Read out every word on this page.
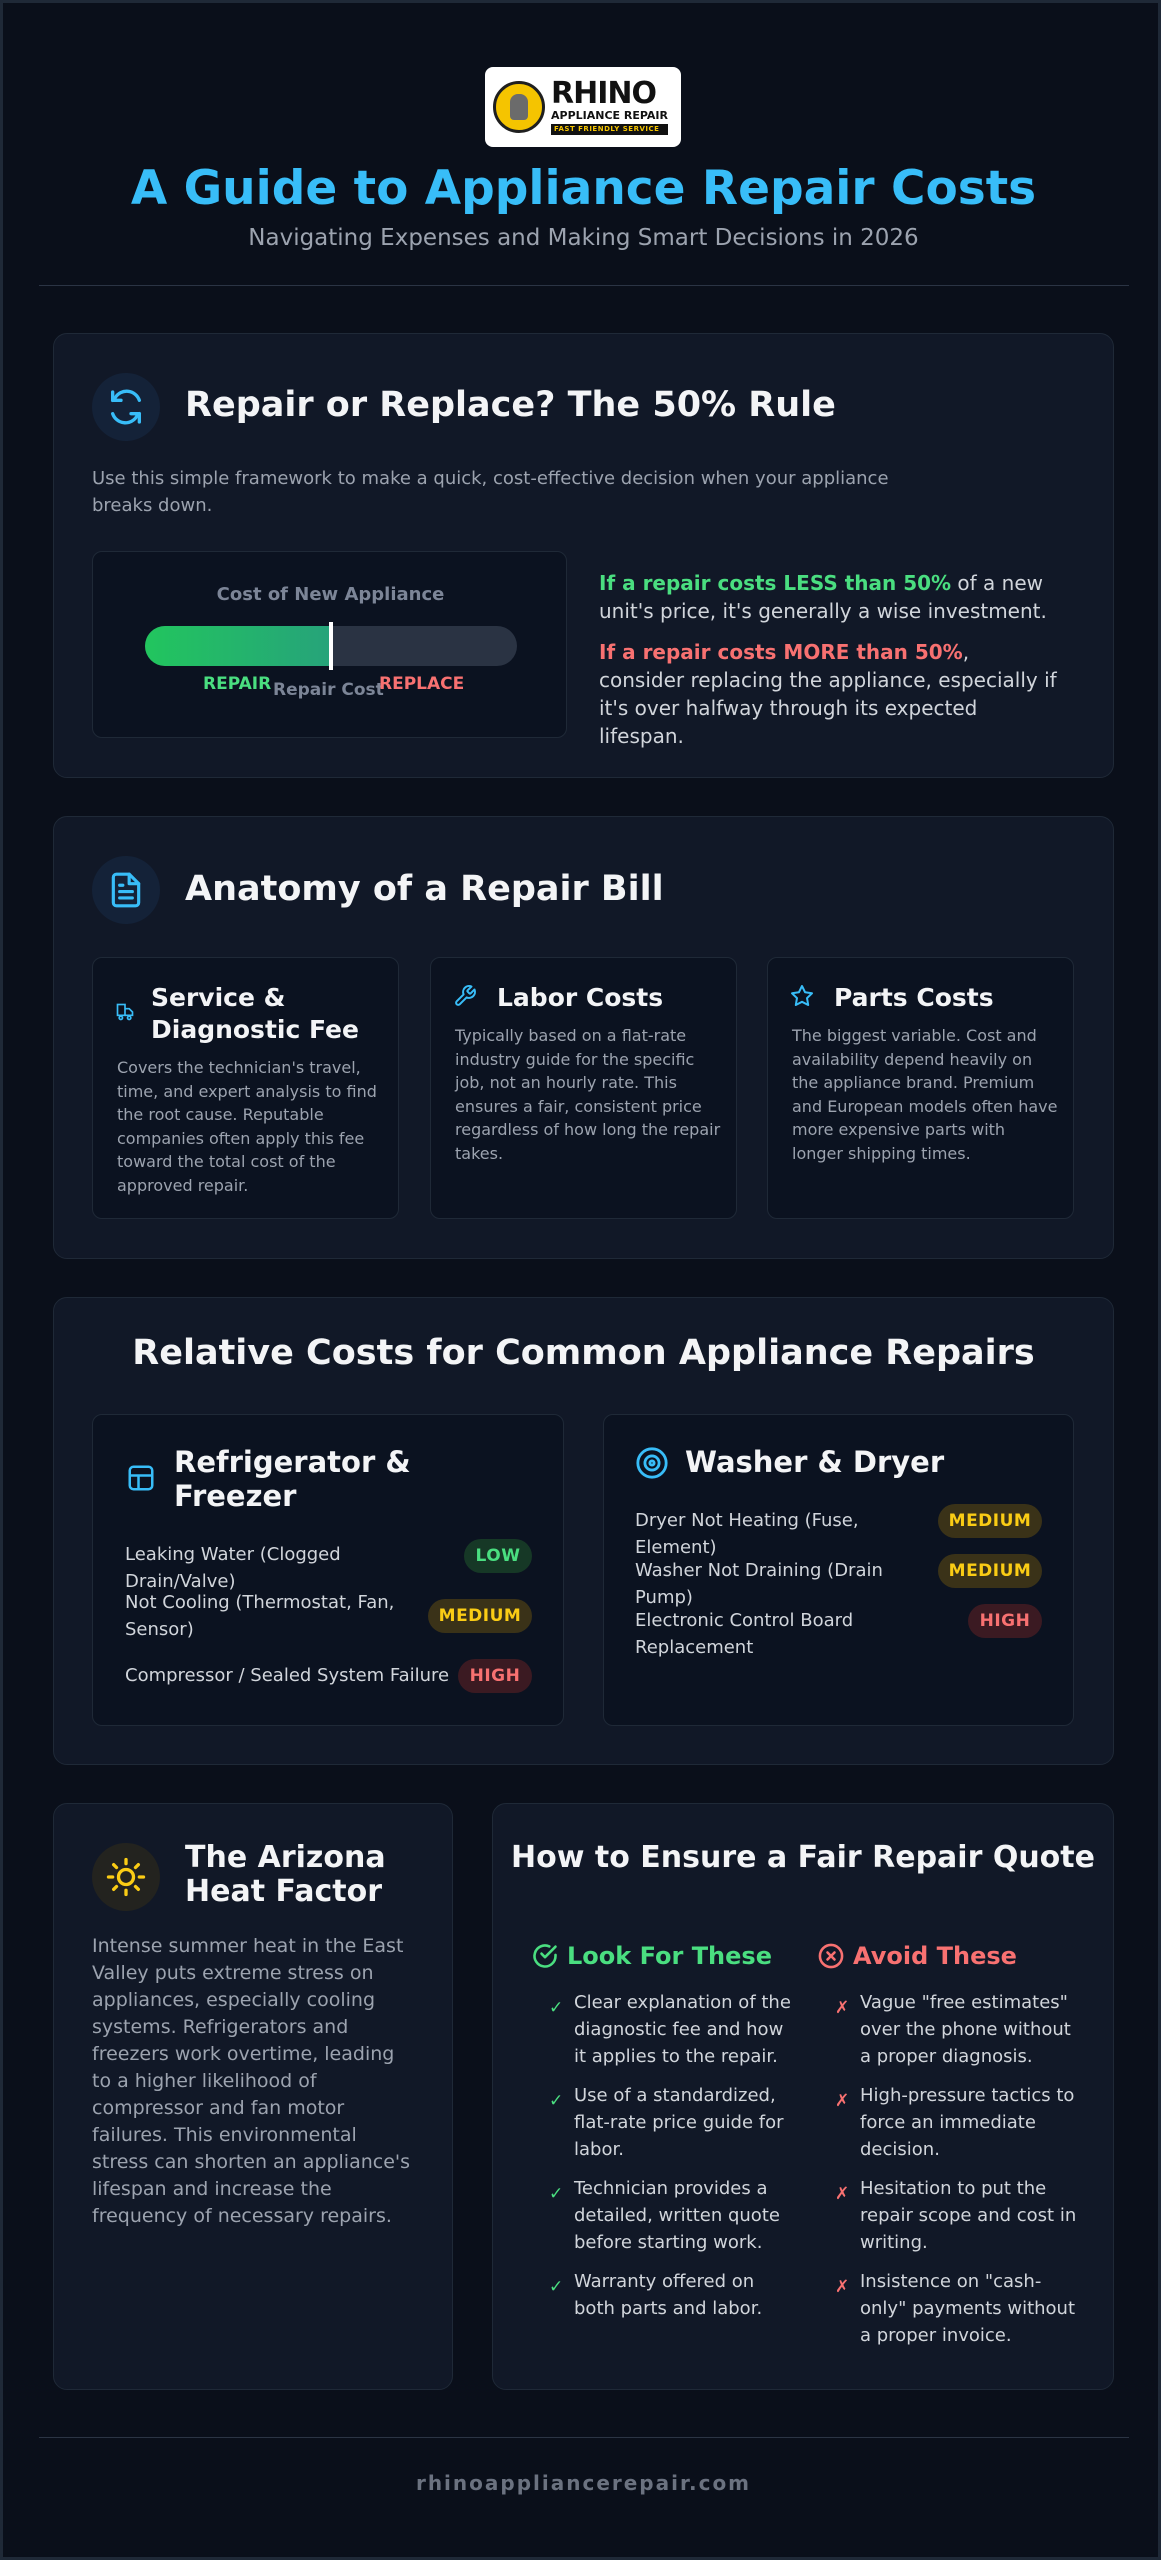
RHINO
APPLIANCE REPAIR
FAST FRIENDLY SERVICE
A Guide to Appliance Repair Costs
Navigating Expenses and Making Smart Decisions in 2026
Repair or Replace? The 50% Rule
Use this simple framework to make a quick, cost-effective decision when your appliance breaks down.
Cost of New Appliance
REPAIR Repair Cost
REPLACE
If a repair costs LESS than 50% of a new unit's price, it's generally a wise investment.
If a repair costs MORE than 50%, consider replacing the appliance, especially if it's over halfway through its expected lifespan.
Anatomy of a Repair Bill
Service & Diagnostic Fee
Covers the technician's travel, time, and expert analysis to find the root cause. Reputable companies often apply this fee toward the total cost of the approved repair.
Labor Costs
Typically based on a flat-rate industry guide for the specific job, not an hourly rate. This ensures a fair, consistent price regardless of how long the repair takes.
Parts Costs
The biggest variable. Cost and availability depend heavily on the appliance brand. Premium and European models often have more expensive parts with longer shipping times.
Relative Costs for Common Appliance Repairs
Refrigerator & Freezer
Leaking Water (Clogged Drain/Valve)
LOW
Not Cooling (Thermostat, Fan, Sensor)
MEDIUM
Compressor / Sealed System Failure	HIGH
Washer & Dryer
Dryer Not Heating (Fuse, Element)
MEDIUM
Washer Not Draining (Drain Pump)
MEDIUM
Electronic Control Board Replacement
HIGH
The Arizona Heat Factor
Intense summer heat in the East Valley puts extreme stress on appliances, especially cooling systems. Refrigerators and freezers work overtime, leading to a higher likelihood of compressor and fan motor failures. This environmental stress can shorten an appliance's lifespan and increase the frequency of necessary repairs.
How to Ensure a Fair Repair Quote
Look For These	Avoid These
✓ Clear explanation of the diagnostic fee and how it applies to the repair.
✓ Use of a standardized, flat-rate price guide for labor.
✓ Technician provides a detailed, written quote before starting work.
✓ Warranty offered on both parts and labor.
✗ Vague "free estimates" over the phone without a proper diagnosis.
✗ High-pressure tactics to force an immediate decision.
✗ Hesitation to put the repair scope and cost in writing.
✗ Insistence on "cash-only" payments without a proper invoice.
rhinoappliancerepair.com
